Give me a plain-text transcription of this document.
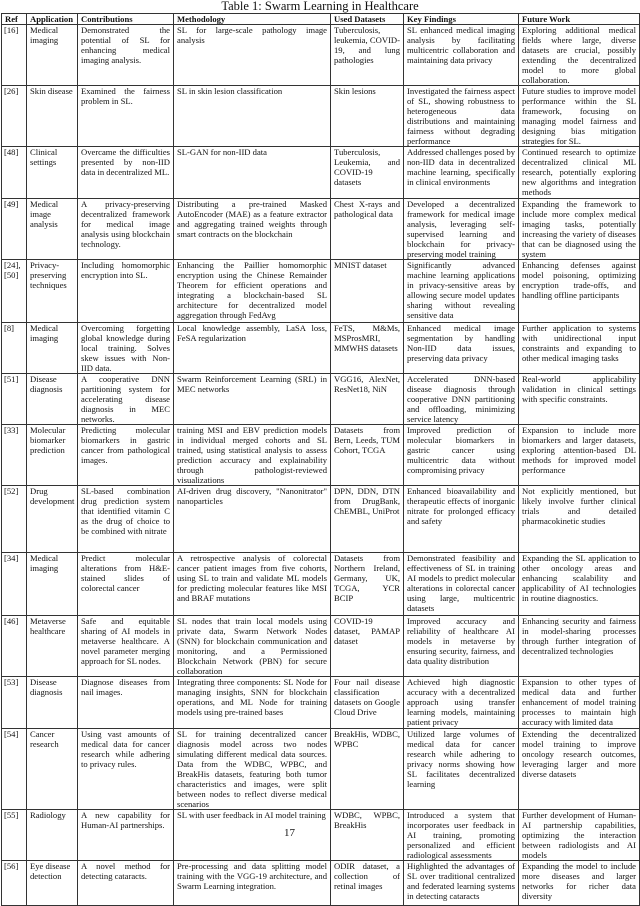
Table 1: Swarm Learning in Healthcare
Ref	Application	Contributions	Methodology	Used Datasets	Key Findings	Future Work
[16]	Medical imaging	Demonstrated the potential of SL for enhancing medical imaging analysis.	SL for large-scale pathology image analysis	Tuberculosis, leukemia, COVID-19, and lung pathologies	SL enhanced medical imaging analysis by facilitating multicentric collaboration and maintaining data privacy	Exploring additional medical fields where large, diverse datasets are crucial, possibly extending the decentralized model to more global collaboration.
[26]	Skin disease	Examined the fairness problem in SL.	SL in skin lesion classification	Skin lesions	Investigated the fairness aspect of SL, showing robustness to heterogeneous data distributions and maintaining fairness without degrading performance	Future studies to improve model performance within the SL framework, focusing on managing model fairness and designing bias mitigation strategies for SL.
[48]	Clinical settings	Overcame the difficulties presented by non-IID data in decentralized ML.	SL-GAN for non-IID data	Tuberculosis, Leukemia, and COVID-19 datasets	Addressed challenges posed by non-IID data in decentralized machine learning, specifically in clinical environments	Continued research to optimize decentralized clinical ML research, potentially exploring new algorithms and integration methods
[49]	Medical image analysis	A privacy-preserving decentralized framework for medical image analysis using blockchain technology.	Distributing a pre-trained Masked AutoEncoder (MAE) as a feature extractor and aggregating trained weights through smart contracts on the blockchain	Chest X-rays and pathological data	Developed a decentralized framework for medical image analysis, leveraging self-supervised learning and blockchain for privacy-preserving model training	Expanding the framework to include more complex medical imaging tasks, potentially increasing the variety of diseases that can be diagnosed using the system
[24], [50]	Privacy-preserving techniques	Including homomorphic encryption into SL.	Enhancing the Paillier homomorphic encryption using the Chinese Remainder Theorem for efficient operations and integrating a blockchain-based SL architecture for decentralized model aggregation through FedAvg	MNIST dataset	Significantly advanced machine learning applications in privacy-sensitive areas by allowing secure model updates sharing without revealing sensitive data	Enhancing defenses against model poisoning, optimizing encryption trade-offs, and handling offline participants
[8]	Medical imaging	Overcoming forgetting global knowledge during local training. Solves skew issues with Non-IID data.	Local knowledge assembly, LaSA loss, FeSA regularization	FeTS, M&Ms, MSProsMRI, MMWHS datasets	Enhanced medical image segmentation by handling Non-IID data issues, preserving data privacy	Further application to systems with unidirectional input constraints and expanding to other medical imaging tasks
[51]	Disease diagnosis	A cooperative DNN partitioning system for accelerating disease diagnosis in MEC networks.	Swarm Reinforcement Learning (SRL) in MEC networks	VGG16, AlexNet, ResNet18, NiN	Accelerated DNN-based disease diagnosis through cooperative DNN partitioning and offloading, minimizing service latency	Real-world applicability validation in clinical settings with specific constraints.
[33]	Molecular biomarker prediction	Predicting molecular biomarkers in gastric cancer from pathological images.	training MSI and EBV prediction models in individual merged cohorts and SL trained, using statistical analysis to assess prediction accuracy and explainability through pathologist-reviewed visualizations	Datasets from Bern, Leeds, TUM Cohort, TCGA	Improved prediction of molecular biomarkers in gastric cancer using multicentric data without compromising privacy	Expansion to include more biomarkers and larger datasets, exploring attention-based DL methods for improved model performance
[52]	Drug development	SL-based combination drug prediction system that identified vitamin C as the drug of choice to be combined with nitrate	AI-driven drug discovery, "Nanonitrator" nanoparticles	DPN, DDN, DTN from DrugBank, ChEMBL, UniProt	Enhanced bioavailability and therapeutic effects of inorganic nitrate for prolonged efficacy and safety	Not explicitly mentioned, but likely involve further clinical trials and detailed pharmacokinetic studies
[34]	Medical imaging	Predict molecular alterations from H&E-stained slides of colorectal cancer	A retrospective analysis of colorectal cancer patient images from five cohorts, using SL to train and validate ML models for predicting molecular features like MSI and BRAF mutations	Datasets from Northern Ireland, Germany, UK, TCGA, YCR BCIP	Demonstrated feasibility and effectiveness of SL in training AI models to predict molecular alterations in colorectal cancer using large, multicentric datasets	Expanding the SL application to other oncology areas and enhancing scalability and applicability of AI technologies in routine diagnostics.
[46]	Metaverse healthcare	Safe and equitable sharing of AI models in metaverse healthcare. A novel parameter merging approach for SL nodes.	SL nodes that train local models using private data, Swarm Network Nodes (SNN) for blockchain communication and monitoring, and a Permissioned Blockchain Network (PBN) for secure collaboration	COVID-19 dataset, PAMAP dataset	Improved accuracy and reliability of healthcare AI models in metaverse by ensuring security, fairness, and data quality distribution	Enhancing security and fairness in model-sharing processes through further integration of decentralized technologies
[53]	Disease diagnosis	Diagnose diseases from nail images.	Integrating three components: SL Node for managing insights, SNN for blockchain operations, and ML Node for training models using pre-trained bases	Four nail disease classification datasets on Google Cloud Drive	Achieved high diagnostic accuracy with a decentralized approach using transfer learning models, maintaining patient privacy	Expansion to other types of medical data and further enhancement of model training processes to maintain high accuracy with limited data
[54]	Cancer research	Using vast amounts of medical data for cancer research while adhering to privacy rules.	SL for training decentralized cancer diagnosis model across two nodes simulating different medical data sources. Data from the WDBC, WPBC, and BreakHis datasets, featuring both tumor characteristics and images, were split between nodes to reflect diverse medical scenarios	BreakHis, WDBC, WPBC	Utilized large volumes of medical data for cancer research while adhering to privacy norms showing how SL facilitates decentralized learning	Extending the decentralized model training to improve oncology research outcomes, leveraging larger and more diverse datasets
[55]	Radiology	A new capability for Human-AI partnerships.	SL with user feedback in AI model training	WDBC, WPBC, BreakHis	Introduced a system that incorporates user feedback in AI training, promoting personalized and efficient radiological assessments	Further development of Human-AI partnership capabilities, optimizing the interaction between radiologists and AI models
[56]	Eye disease detection	A novel method for detecting cataracts.	Pre-processing and data splitting model training with the VGG-19 architecture, and Swarm Learning integration.	ODIR dataset, a collection of retinal images	Highlighted the advantages of SL over traditional centralized and federated learning systems in detecting cataracts	Expanding the model to include more diseases and larger networks for richer data diversity
17
